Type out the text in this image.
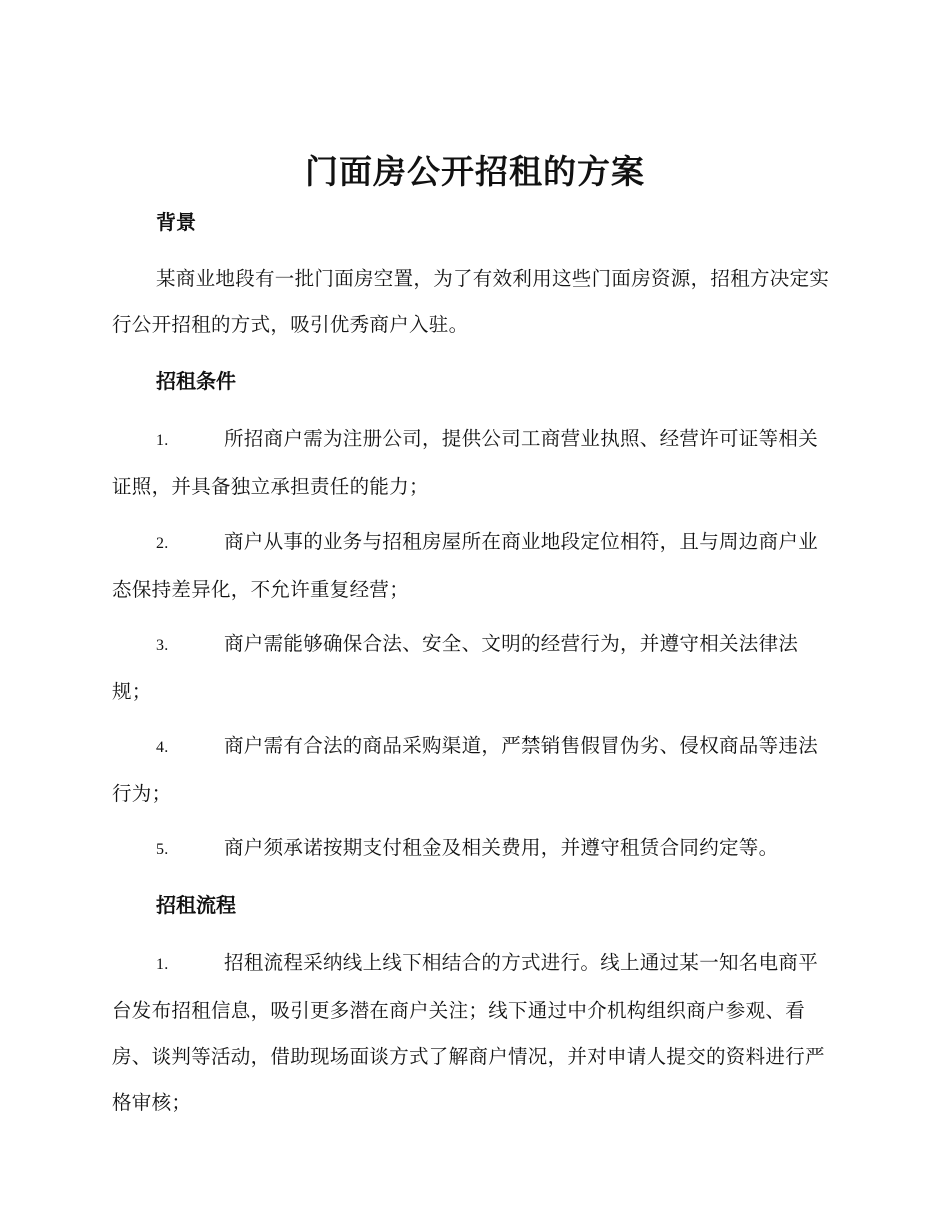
门面房公开招租的方案
背景
某商业地段有一批门面房空置，为了有效利用这些门面房资源，招租方决定实行公开招租的方式，吸引优秀商户入驻。
招租条件
1.	所招商户需为注册公司，提供公司工商营业执照、经营许可证等相关证照，并具备独立承担责任的能力；
2.	商户从事的业务与招租房屋所在商业地段定位相符，且与周边商户业态保持差异化，不允许重复经营；
3.	商户需能够确保合法、安全、文明的经营行为，并遵守相关法律法规；
4.	商户需有合法的商品采购渠道，严禁销售假冒伪劣、侵权商品等违法行为；
5.	商户须承诺按期支付租金及相关费用，并遵守租赁合同约定等。
招租流程
1.	招租流程采纳线上线下相结合的方式进行。线上通过某一知名电商平台发布招租信息，吸引更多潜在商户关注；线下通过中介机构组织商户参观、看房、谈判等活动，借助现场面谈方式了解商户情况，并对申请人提交的资料进行严格审核；
